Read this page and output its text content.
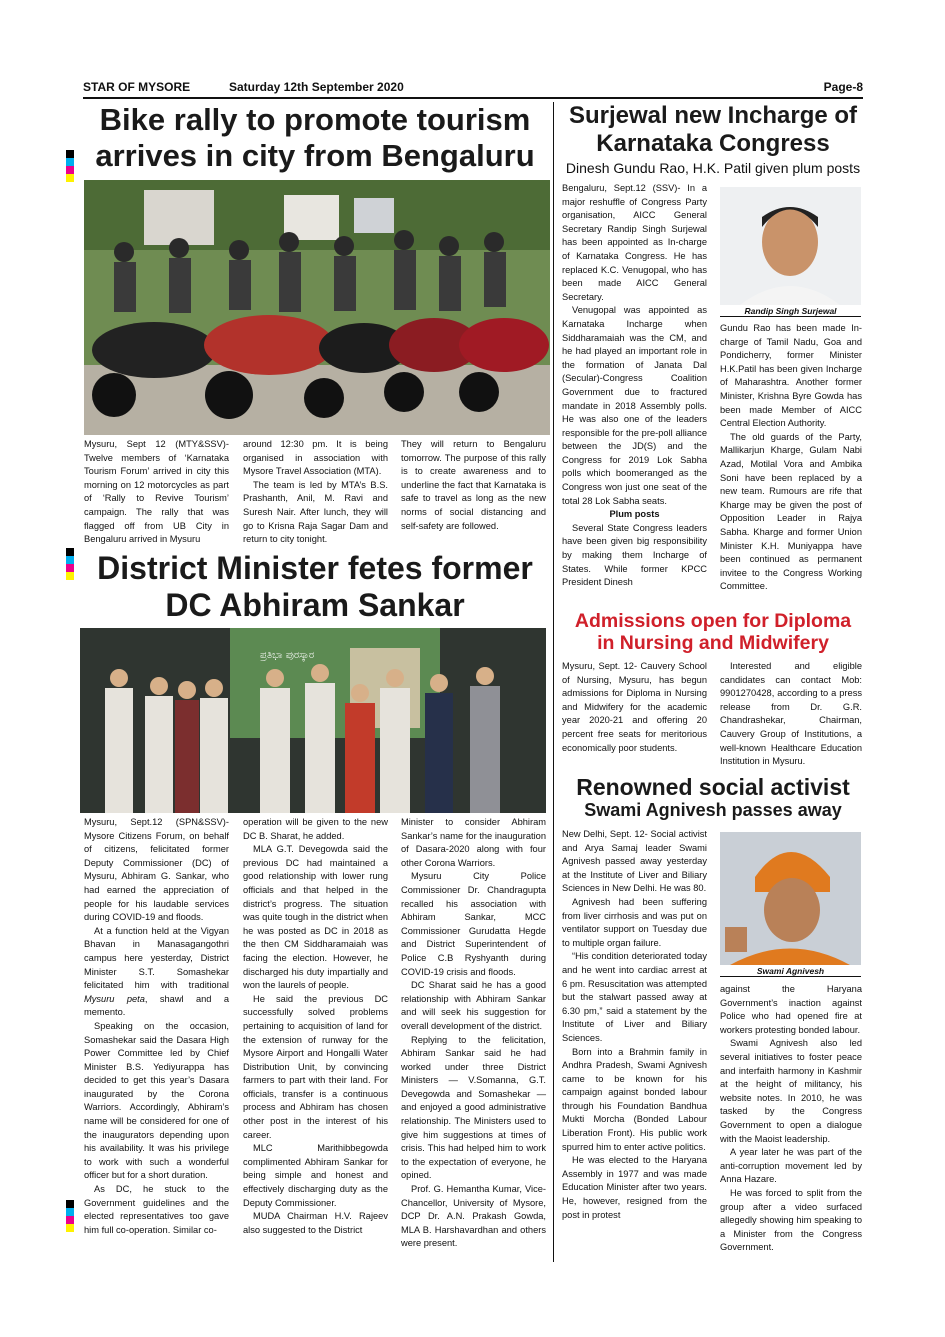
STAR OF MYSORE	Saturday 12th September 2020	Page-8
Bike rally to promote tourism
arrives in city from Bengaluru

Mysuru, Sept 12 (MTY&SSV)- Twelve members of ‘Karnataka Tourism Forum’ arrived in city this morning on 12 motorcycles as part of ‘Rally to Revive Tourism’ campaign. The rally that was flagged off from UB City in Bengaluru arrived in Mysuru

around 12:30 pm. It is being organised in association with Mysore Travel Association (MTA).

The team is led by MTA’s B.S. Prashanth, Anil, M. Ravi and Suresh Nair. After lunch, they will go to Krisna Raja Sagar Dam and return to city tonight.

They will return to Bengaluru tomorrow. The purpose of this rally is to create awareness and to underline the fact that Karnataka is safe to travel as long as the new norms of social distancing and self-safety are followed.

District Minister fetes former
DC Abhiram Sankar
ಪ್ರತಿಭಾ ಪುರಸ್ಕಾರ

Mysuru, Sept.12 (SPN&SSV)- Mysore Citizens Forum, on behalf of citizens, felicitated former Deputy Commissioner (DC) of Mysuru, Abhiram G. Sankar, who had earned the appreciation of people for his laudable services during COVID-19 and floods.

At a function held at the Vigyan Bhavan in Manasagangothri campus here yesterday, District Minister S.T. Somashekar felicitated him with traditional Mysuru peta, shawl and a memento.

Speaking on the occasion, Somashekar said the Dasara High Power Committee led by Chief Minister B.S. Yediyurappa has decided to get this year’s Dasara inaugurated by the Corona Warriors. Accordingly, Abhiram’s name will be considered for one of the inaugurators depending upon his availability. It was his privilege to work with such a wonderful officer but for a short duration.

As DC, he stuck to the Government guidelines and the elected representatives too gave him full co-operation. Similar co-

operation will be given to the new DC B. Sharat, he added.

MLA G.T. Devegowda said the previous DC had maintained a good relationship with lower rung officials and that helped in the district’s progress. The situation was quite tough in the district when he was posted as DC in 2018 as the then CM Siddharamaiah was facing the election. However, he discharged his duty impartially and won the laurels of people.

He said the previous DC successfully solved problems pertaining to acquisition of land for the extension of runway for the Mysore Airport and Hongalli Water Distribution Unit, by convincing farmers to part with their land. For officials, transfer is a continuous process and Abhiram has chosen other post in the interest of his career.

MLC Marithibbegowda complimented Abhiram Sankar for being simple and honest and effectively discharging duty as the Deputy Commissioner.

MUDA Chairman H.V. Rajeev also suggested to the District

Minister to consider Abhiram Sankar’s name for the inauguration of Dasara-2020 along with four other Corona Warriors.

Mysuru City Police Commissioner Dr. Chandragupta recalled his association with Abhiram Sankar, MCC Commissioner Gurudatta Hegde and District Superintendent of Police C.B Ryshyanth during COVID-19 crisis and floods.

DC Sharat said he has a good relationship with Abhiram Sankar and will seek his suggestion for overall development of the district.

Replying to the felicitation, Abhiram Sankar said he had worked under three District Ministers — V.Somanna, G.T. Devegowda and Somashekar — and enjoyed a good administrative relationship. The Ministers used to give him suggestions at times of crisis. This had helped him to work to the expectation of everyone, he opined.

Prof. G. Hemantha Kumar, Vice-Chancellor, University of Mysore, DCP Dr. A.N. Prakash Gowda, MLA B. Harshavardhan and others were present.

Surjewal new Incharge of
Karnataka Congress
Dinesh Gundu Rao, H.K. Patil given plum posts

Bengaluru, Sept.12 (SSV)- In a major reshuffle of Congress Party organisation, AICC General Secretary Randip Singh Surjewal has been appointed as In-charge of Karnataka Congress. He has replaced K.C. Venugopal, who has been made AICC General Secretary.

Venugopal was appointed as Karnataka Incharge when Siddharamaiah was the CM, and he had played an important role in the formation of Janata Dal (Secular)-Congress Coalition Government due to fractured mandate in 2018 Assembly polls. He was also one of the leaders responsible for the pre-poll alliance between the JD(S) and the Congress for 2019 Lok Sabha polls which boomeranged as the Congress won just one seat of the total 28 Lok Sabha seats.

Plum posts

Several State Congress leaders have been given big responsibility by making them Incharge of States. While former KPCC President Dinesh

Randip Singh Surjewal

Gundu Rao has been made In-charge of Tamil Nadu, Goa and Pondicherry, former Minister H.K.Patil has been given Incharge of Maharashtra. Another former Minister, Krishna Byre Gowda has been made Member of AICC Central Election Authority.

The old guards of the Party, Mallikarjun Kharge, Gulam Nabi Azad, Motilal Vora and Ambika Soni have been replaced by a new team. Rumours are rife that Kharge may be given the post of Opposition Leader in Rajya Sabha. Kharge and former Union Minister K.H. Muniyappa have been continued as permanent invitee to the Congress Working Committee.

Admissions open for Diploma
in Nursing and Midwifery

Mysuru, Sept. 12- Cauvery School of Nursing, Mysuru, has begun admissions for Diploma in Nursing and Midwifery for the academic year 2020-21 and offering 20 percent free seats for meritorious economically poor students.

Interested and eligible candidates can contact Mob: 9901270428, according to a press release from Dr. G.R. Chandrashekar, Chairman, Cauvery Group of Institutions, a well-known Healthcare Education Institution in Mysuru.

Renowned social activist
Swami Agnivesh passes away

New Delhi, Sept. 12- Social activist and Arya Samaj leader Swami Agnivesh passed away yesterday at the Institute of Liver and Biliary Sciences in New Delhi. He was 80.

Agnivesh had been suffering from liver cirrhosis and was put on ventilator support on Tuesday due to multiple organ failure.

“His condition deteriorated today and he went into cardiac arrest at 6 pm. Resuscitation was attempted but the stalwart passed away at 6.30 pm,” said a statement by the Institute of Liver and Biliary Sciences.

Born into a Brahmin family in Andhra Pradesh, Swami Agnivesh came to be known for his campaign against bonded labour through his Foundation Bandhua Mukti Morcha (Bonded Labour Liberation Front). His public work spurred him to enter active politics.

He was elected to the Haryana Assembly in 1977 and was made Education Minister after two years. He, however, resigned from the post in protest

Swami Agnivesh

against the Haryana Government’s inaction against Police who had opened fire at workers protesting bonded labour.

Swami Agnivesh also led several initiatives to foster peace and interfaith harmony in Kashmir at the height of militancy, his website notes. In 2010, he was tasked by the Congress Government to open a dialogue with the Maoist leadership.

A year later he was part of the anti-corruption movement led by Anna Hazare.

He was forced to split from the group after a video surfaced allegedly showing him speaking to a Minister from the Congress Government.
